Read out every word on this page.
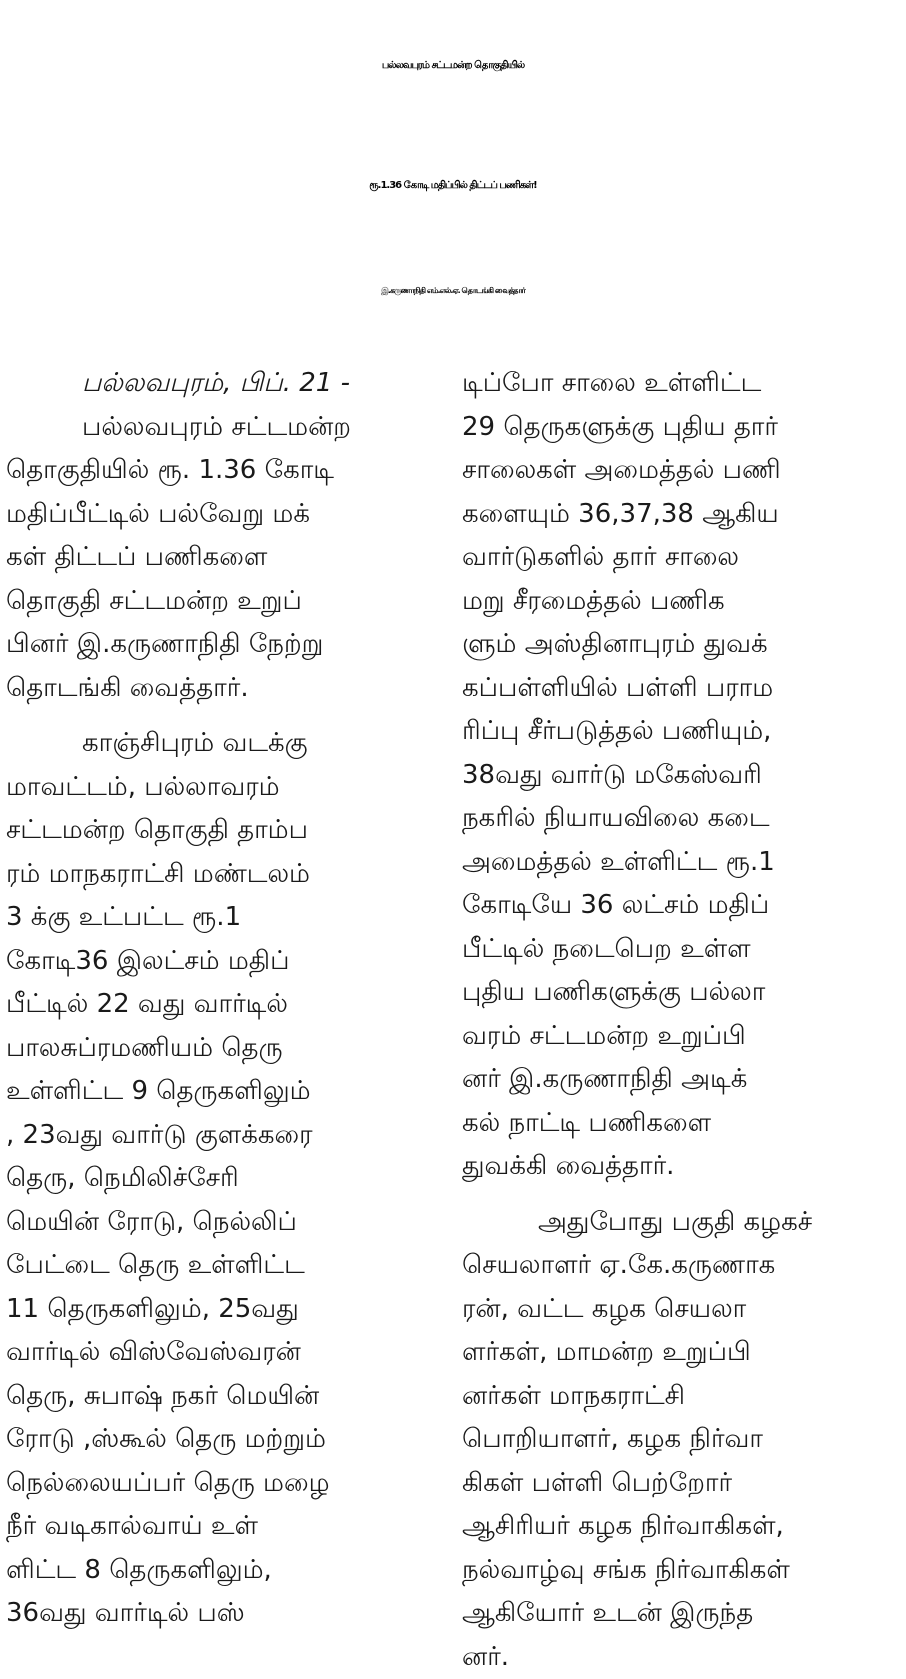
பல்லவபுரம் சட்டமன்ற தொகுதியில்
ரூ.1.36 கோடி மதிப்பில் திட்டப் பணிகள்!
இ.கருணாநிதி எம்.எல்.ஏ. தொடங்கி வைத்தார்
பல்லவபுரம், பிப். 21 -
பல்லவபுரம் சட்டமன்ற
தொகுதியில் ரூ. 1.36 கோடி
மதிப்பீட்டில் பல்வேறு மக்
கள் திட்டப் பணிகளை
தொகுதி சட்டமன்ற உறுப்
பினர் இ.கருணாநிதி நேற்று
தொடங்கி வைத்தார்.
காஞ்சிபுரம் வடக்கு
மாவட்டம், பல்லாவரம்
சட்டமன்ற தொகுதி தாம்ப
ரம் மாநகராட்சி மண்டலம்
3 க்கு உட்பட்ட ரூ.1
கோடி36 இலட்சம் மதிப்
பீட்டில் 22 வது வார்டில்
பாலசுப்ரமணியம் தெரு
உள்ளிட்ட 9 தெருகளிலும்
, 23வது வார்டு குளக்கரை
தெரு, நெமிலிச்சேரி
மெயின் ரோடு, நெல்லிப்
பேட்டை தெரு உள்ளிட்ட
11 தெருகளிலும், 25வது
வார்டில் விஸ்வேஸ்வரன்
தெரு, சுபாஷ் நகர் மெயின்
ரோடு ,ஸ்கூல் தெரு மற்றும்
நெல்லையப்பர் தெரு மழை
நீர் வடிகால்வாய் உள்
ளிட்ட 8 தெருகளிலும்,
36வது வார்டில் பஸ்
டிப்போ சாலை உள்ளிட்ட
29 தெருகளுக்கு புதிய தார்
சாலைகள் அமைத்தல் பணி
களையும் 36,37,38 ஆகிய
வார்டுகளில் தார் சாலை
மறு சீரமைத்தல் பணிக
ளும் அஸ்தினாபுரம் துவக்
கப்பள்ளியில் பள்ளி பராம
ரிப்பு சீர்படுத்தல் பணியும்,
38வது வார்டு மகேஸ்வரி
நகரில் நியாயவிலை கடை
அமைத்தல் உள்ளிட்ட ரூ.1
கோடியே 36 லட்சம் மதிப்
பீட்டில் நடைபெற உள்ள
புதிய பணிகளுக்கு பல்லா
வரம் சட்டமன்ற உறுப்பி
னர் இ.கருணாநிதி அடிக்
கல் நாட்டி பணிகளை
துவக்கி வைத்தார்.
அதுபோது பகுதி கழகச்
செயலாளர் ஏ.கே.கருணாக
ரன், வட்ட கழக செயலா
ளர்கள், மாமன்ற உறுப்பி
னர்கள் மாநகராட்சி
பொறியாளர், கழக நிர்வா
கிகள் பள்ளி பெற்றோர்
ஆசிரியர் கழக நிர்வாகிகள்,
நல்வாழ்வு சங்க நிர்வாகிகள்
ஆகியோர் உடன் இருந்த
னர்.
